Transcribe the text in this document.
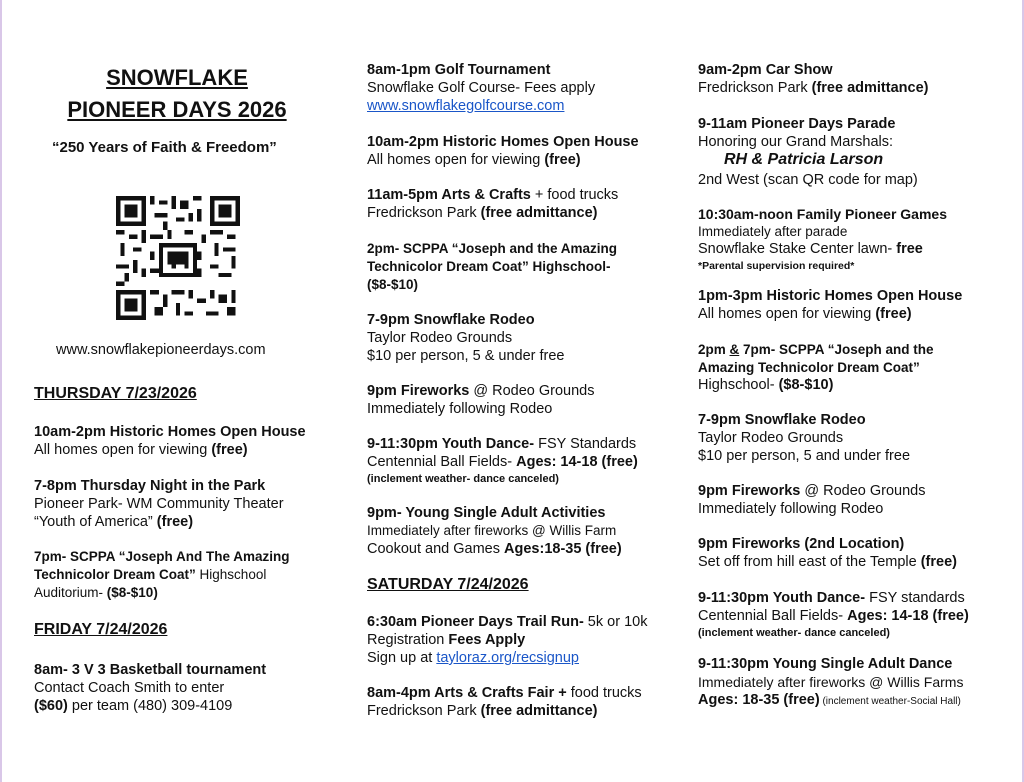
SNOWFLAKE
PIONEER DAYS 2026
“250 Years of Faith & Freedom”
www.snowflakepioneerdays.com
THURSDAY 7/23/2026
10am-2pm Historic Homes Open House
All homes open for viewing (free)
7-8pm Thursday Night in the Park
Pioneer Park- WM Community Theater
“Youth of America” (free)
7pm- SCPPA “Joseph And The Amazing
Technicolor Dream Coat” Highschool
Auditorium- ($8-$10)
FRIDAY 7/24/2026
8am- 3 V 3 Basketball tournament
Contact Coach Smith to enter
($60) per team (480) 309-4109
8am-1pm Golf Tournament
Snowflake Golf Course- Fees apply
www.snowflakegolfcourse.com
10am-2pm Historic Homes Open House
All homes open for viewing (free)
11am-5pm Arts & Crafts + food trucks
Fredrickson Park (free admittance)
2pm- SCPPA “Joseph and the Amazing
Technicolor Dream Coat” Highschool-
($8-$10)
7-9pm Snowflake Rodeo
Taylor Rodeo Grounds
$10 per person, 5 & under free
9pm Fireworks @ Rodeo Grounds
Immediately following Rodeo
9-11:30pm Youth Dance- FSY Standards
Centennial Ball Fields- Ages: 14-18 (free)
(inclement weather- dance canceled)
9pm- Young Single Adult Activities
Immediately after fireworks @ Willis Farm
Cookout and Games Ages:18-35 (free)
SATURDAY 7/24/2026
6:30am Pioneer Days Trail Run- 5k or 10k
Registration Fees Apply
Sign up at tayloraz.org/recsignup
8am-4pm Arts & Crafts Fair + food trucks
Fredrickson Park (free admittance)
9am-2pm Car Show
Fredrickson Park (free admittance)
9-11am Pioneer Days Parade
Honoring our Grand Marshals:
RH & Patricia Larson
2nd West (scan QR code for map)
10:30am-noon Family Pioneer Games
Immediately after parade
Snowflake Stake Center lawn- free
*Parental supervision required*
1pm-3pm Historic Homes Open House
All homes open for viewing (free)
2pm & 7pm- SCPPA “Joseph and the
Amazing Technicolor Dream Coat”
Highschool- ($8-$10)
7-9pm Snowflake Rodeo
Taylor Rodeo Grounds
$10 per person, 5 and under free
9pm Fireworks @ Rodeo Grounds
Immediately following Rodeo
9pm Fireworks (2nd Location)
Set off from hill east of the Temple (free)
9-11:30pm Youth Dance- FSY standards
Centennial Ball Fields- Ages: 14-18 (free)
(inclement weather- dance canceled)
9-11:30pm Young Single Adult Dance
Immediately after fireworks @ Willis Farms
Ages: 18-35 (free) (inclement weather-Social Hall)
